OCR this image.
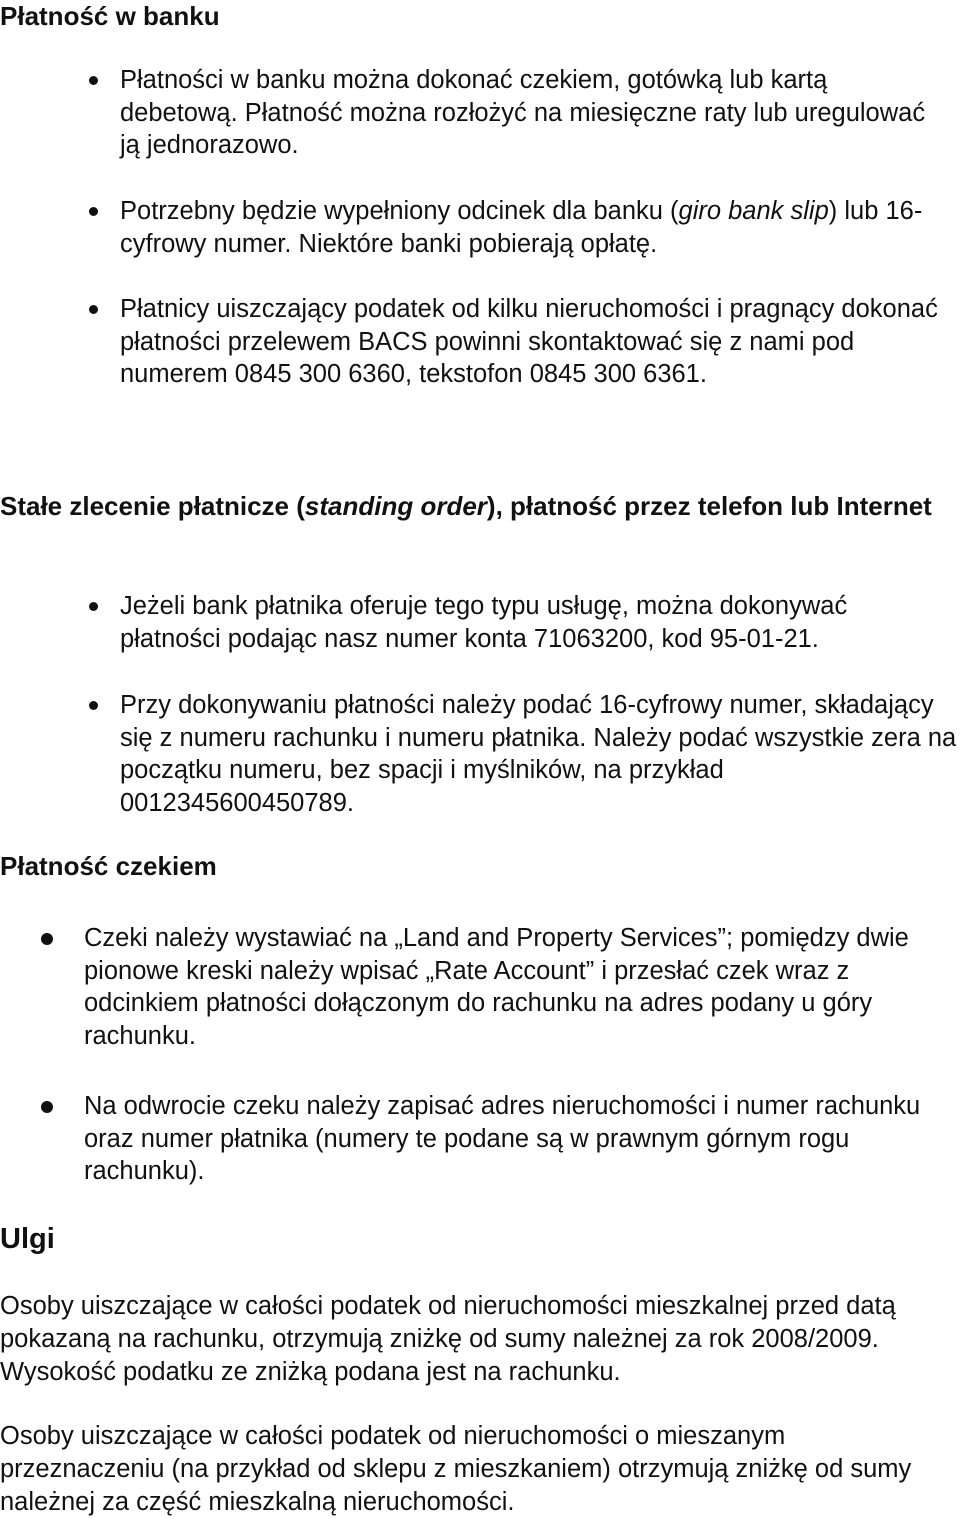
Płatność w banku

Płatności w banku można dokonać czekiem, gotówką lub kartą debetową. Płatność można rozłożyć na miesięczne raty lub uregulować ją jednorazowo.

Potrzebny będzie wypełniony odcinek dla banku (giro bank slip) lub 16-cyfrowy numer. Niektóre banki pobierają opłatę.

Płatnicy uiszczający podatek od kilku nieruchomości i pragnący dokonać płatności przelewem BACS powinni skontaktować się z nami pod numerem 0845 300 6360, tekstofon 0845 300 6361.

Stałe zlecenie płatnicze (standing order), płatność przez telefon lub Internet

Jeżeli bank płatnika oferuje tego typu usługę, można dokonywać płatności podając nasz numer konta 71063200, kod 95-01-21.

Przy dokonywaniu płatności należy podać 16-cyfrowy numer, składający się z numeru rachunku i numeru płatnika. Należy podać wszystkie zera na początku numeru, bez spacji i myślników, na przykład 0012345600450789.

Płatność czekiem

Czeki należy wystawiać na „Land and Property Services”; pomiędzy dwie pionowe kreski należy wpisać „Rate Account” i przesłać czek wraz z odcinkiem płatności dołączonym do rachunku na adres podany u góry rachunku.

Na odwrocie czeku należy zapisać adres nieruchomości i numer rachunku oraz numer płatnika (numery te podane są w prawnym górnym rogu rachunku).

Ulgi

Osoby uiszczające w całości podatek od nieruchomości mieszkalnej przed datą pokazaną na rachunku, otrzymują zniżkę od sumy należnej za rok 2008/2009. Wysokość podatku ze zniżką podana jest na rachunku.

Osoby uiszczające w całości podatek od nieruchomości o mieszanym przeznaczeniu (na przykład od sklepu z mieszkaniem) otrzymują zniżkę od sumy należnej za część mieszkalną nieruchomości.
